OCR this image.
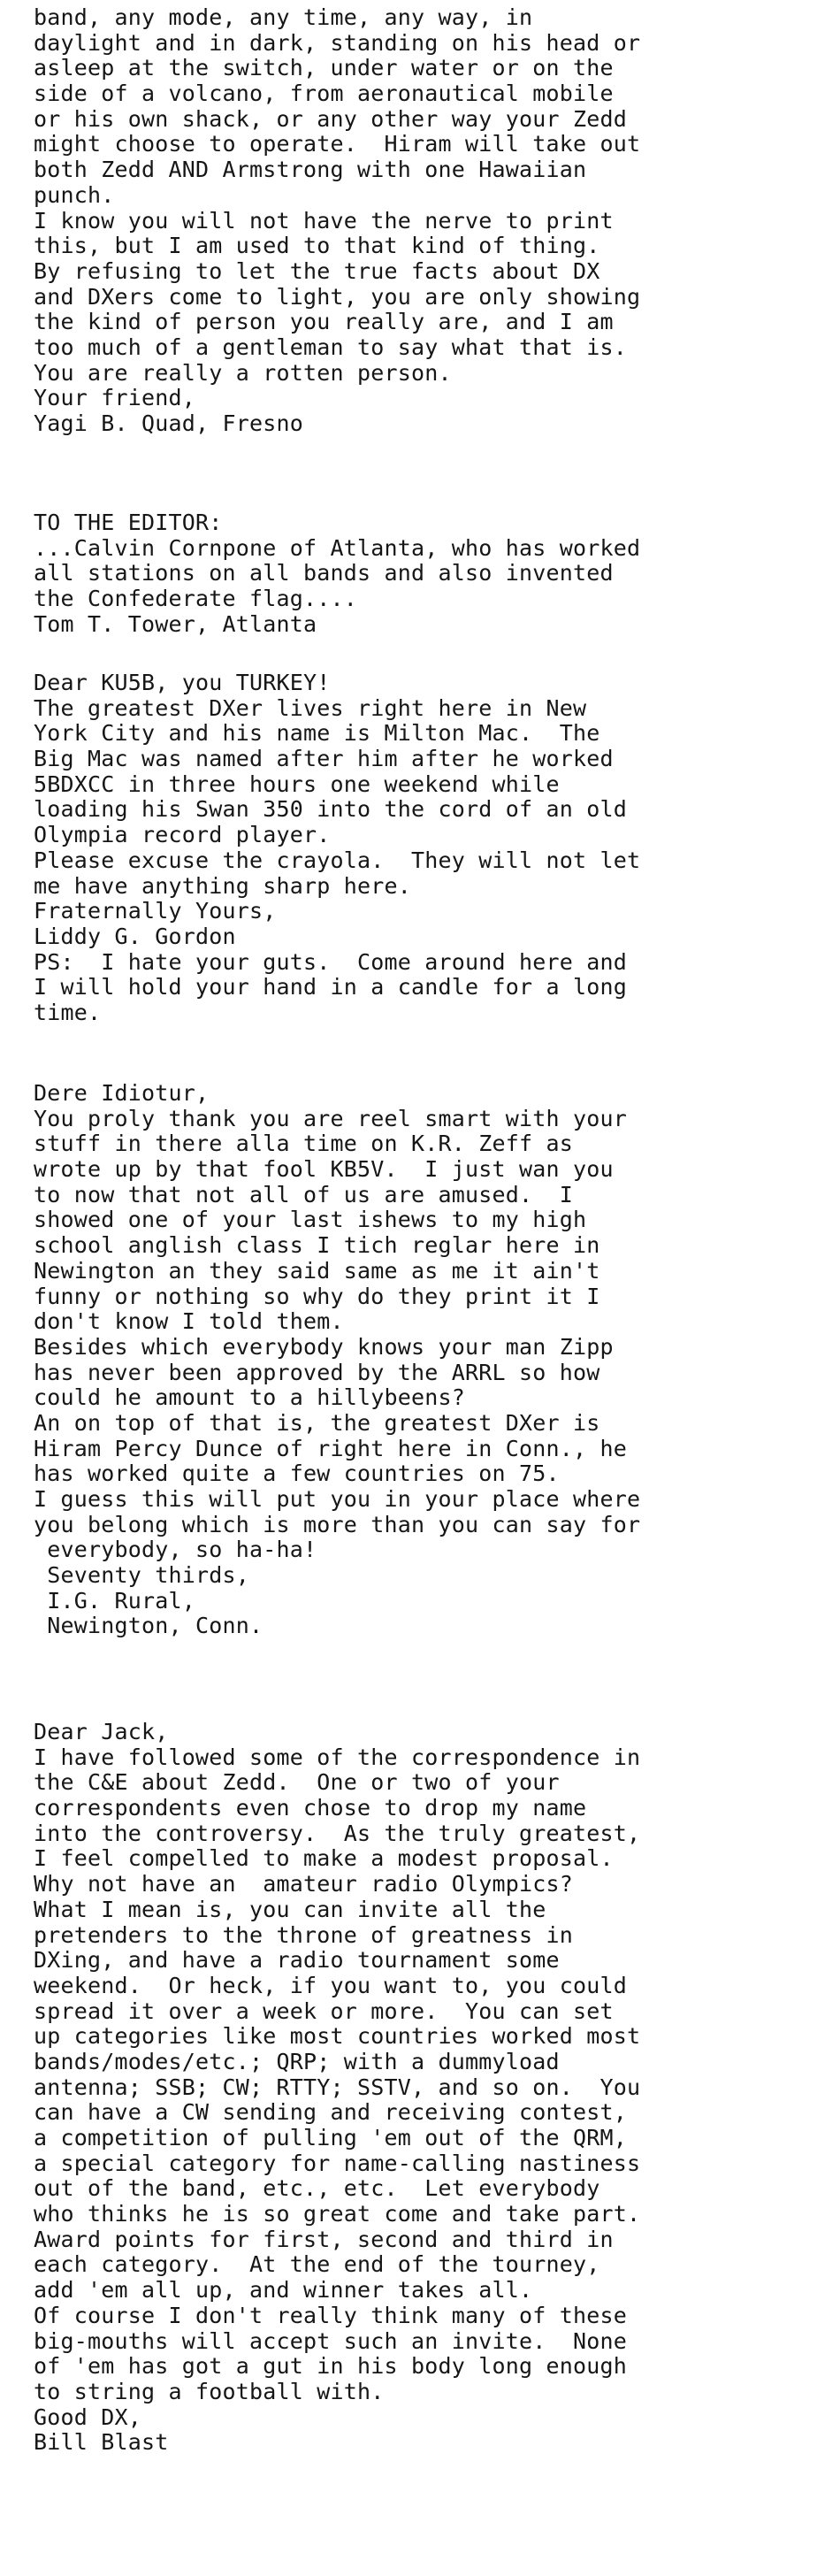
band, any mode, any time, any way, in
daylight and in dark, standing on his head or
asleep at the switch, under water or on the
side of a volcano, from aeronautical mobile
or his own shack, or any other way your Zedd
might choose to operate.  Hiram will take out
both Zedd AND Armstrong with one Hawaiian
punch.
I know you will not have the nerve to print
this, but I am used to that kind of thing.
By refusing to let the true facts about DX
and DXers come to light, you are only showing
the kind of person you really are, and I am
too much of a gentleman to say what that is.
You are really a rotten person.
Your friend,
Yagi B. Quad, Fresno
TO THE EDITOR:
...Calvin Cornpone of Atlanta, who has worked
all stations on all bands and also invented
the Confederate flag....
Tom T. Tower, Atlanta
Dear KU5B, you TURKEY!
The greatest DXer lives right here in New
York City and his name is Milton Mac.  The
Big Mac was named after him after he worked
5BDXCC in three hours one weekend while
loading his Swan 350 into the cord of an old
Olympia record player.
Please excuse the crayola.  They will not let
me have anything sharp here.
Fraternally Yours,
Liddy G. Gordon
PS:  I hate your guts.  Come around here and
I will hold your hand in a candle for a long
time.
Dere Idiotur,
You proly thank you are reel smart with your
stuff in there alla time on K.R. Zeff as
wrote up by that fool KB5V.  I just wan you
to now that not all of us are amused.  I
showed one of your last ishews to my high
school anglish class I tich reglar here in
Newington an they said same as me it ain't
funny or nothing so why do they print it I
don't know I told them.
Besides which everybody knows your man Zipp
has never been approved by the ARRL so how
could he amount to a hillybeens?
An on top of that is, the greatest DXer is
Hiram Percy Dunce of right here in Conn., he
has worked quite a few countries on 75.
I guess this will put you in your place where
you belong which is more than you can say for
everybody, so ha-ha!
Seventy thirds,
I.G. Rural,
Newington, Conn.
Dear Jack,
I have followed some of the correspondence in
the C&E about Zedd.  One or two of your
correspondents even chose to drop my name
into the controversy.  As the truly greatest,
I feel compelled to make a modest proposal.
Why not have an  amateur radio Olympics?
What I mean is, you can invite all the
pretenders to the throne of greatness in
DXing, and have a radio tournament some
weekend.  Or heck, if you want to, you could
spread it over a week or more.  You can set
up categories like most countries worked most
bands/modes/etc.; QRP; with a dummyload
antenna; SSB; CW; RTTY; SSTV, and so on.  You
can have a CW sending and receiving contest,
a competition of pulling 'em out of the QRM,
a special category for name-calling nastiness
out of the band, etc., etc.  Let everybody
who thinks he is so great come and take part.
Award points for first, second and third in
each category.  At the end of the tourney,
add 'em all up, and winner takes all.
Of course I don't really think many of these
big-mouths will accept such an invite.  None
of 'em has got a gut in his body long enough
to string a football with.
Good DX,
Bill Blast
